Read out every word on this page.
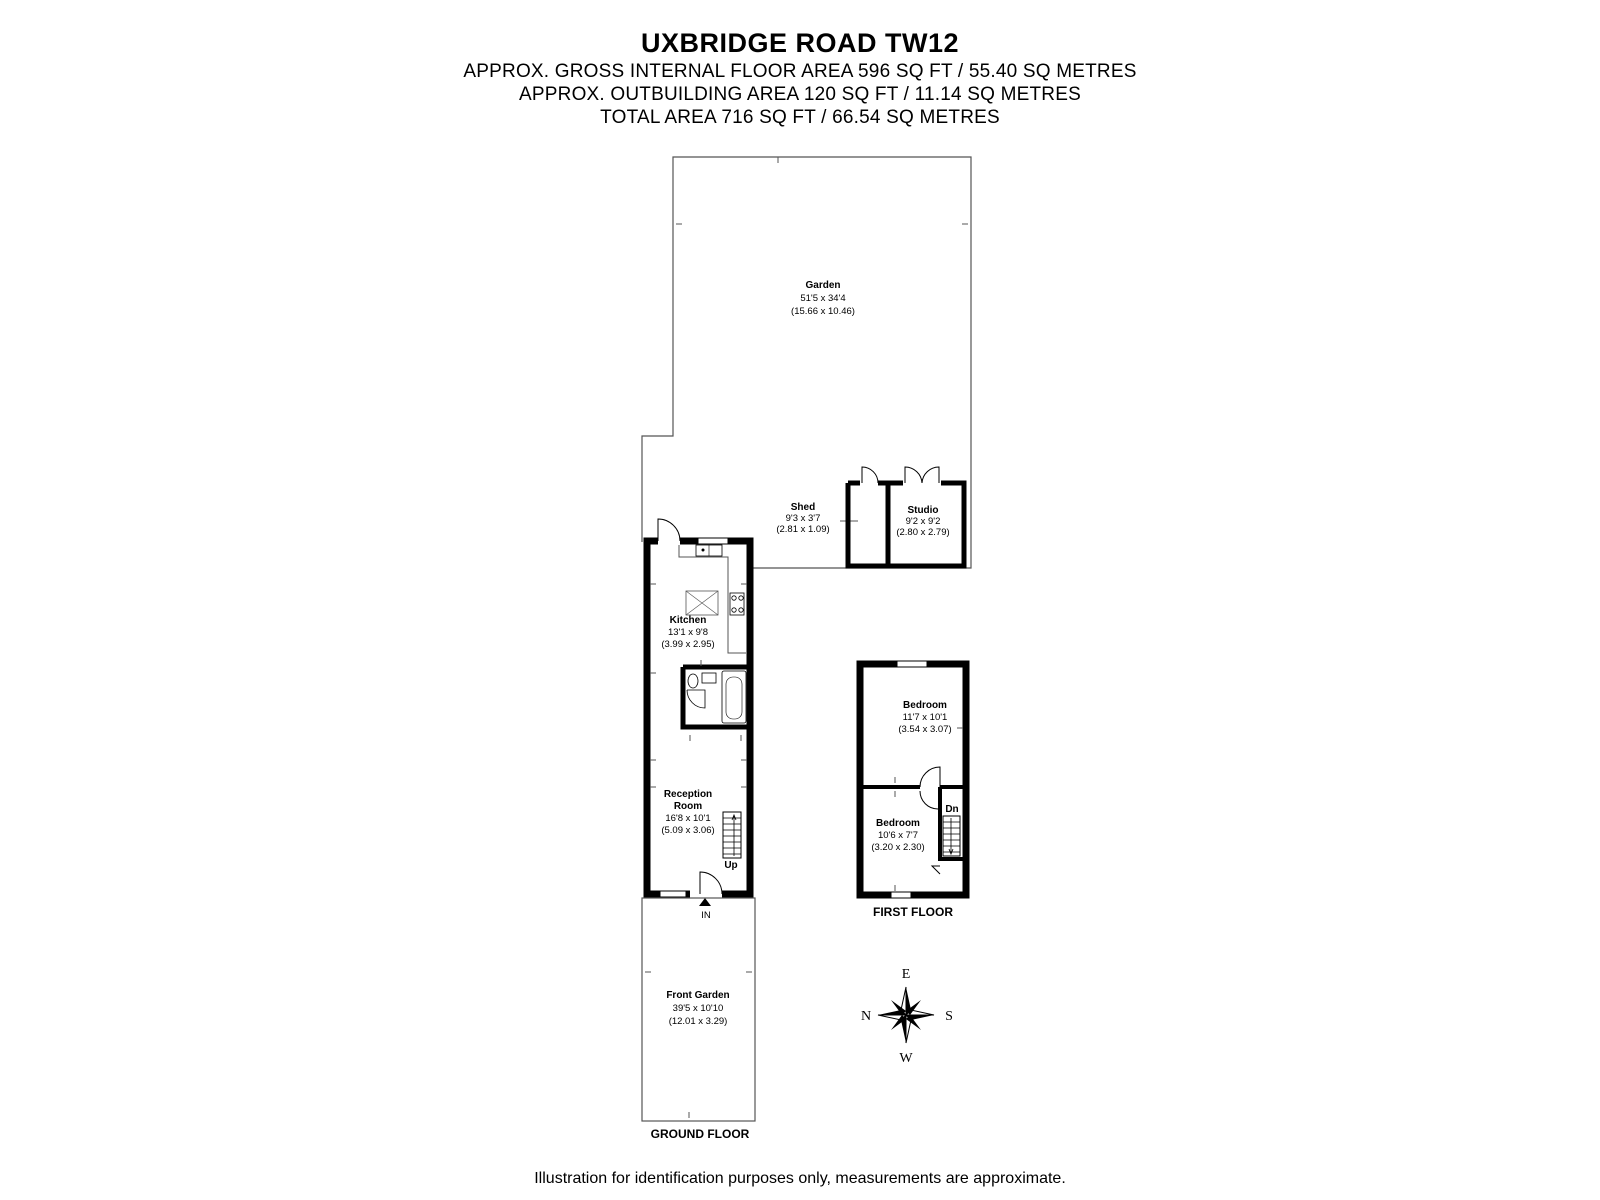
UXBRIDGE ROAD TW12
APPROX. GROSS INTERNAL FLOOR AREA 596 SQ FT / 55.40 SQ METRES
APPROX. OUTBUILDING AREA 120 SQ FT / 11.14 SQ METRES
TOTAL AREA 716 SQ FT / 66.54 SQ METRES
Garden
51'5 x 34'4
(15.66 x 10.46)
Shed
9'3 x 3'7
(2.81 x 1.09)
Studio
9'2 x 9'2
(2.80 x 2.79)
Kitchen
13'1 x 9'8
(3.99 x 2.95)
Up
Reception
Room
16'8 x 10'1
(5.09 x 3.06)
IN
Front Garden
39'5 x 10'10
(12.01 x 3.29)
GROUND FLOOR
Dn
Bedroom
11'7 x 10'1
(3.54 x 3.07)
Bedroom
10'6 x 7'7
(3.20 x 2.30)
FIRST FLOOR
E
W
N	S
Illustration for identification purposes only, measurements are approximate.
